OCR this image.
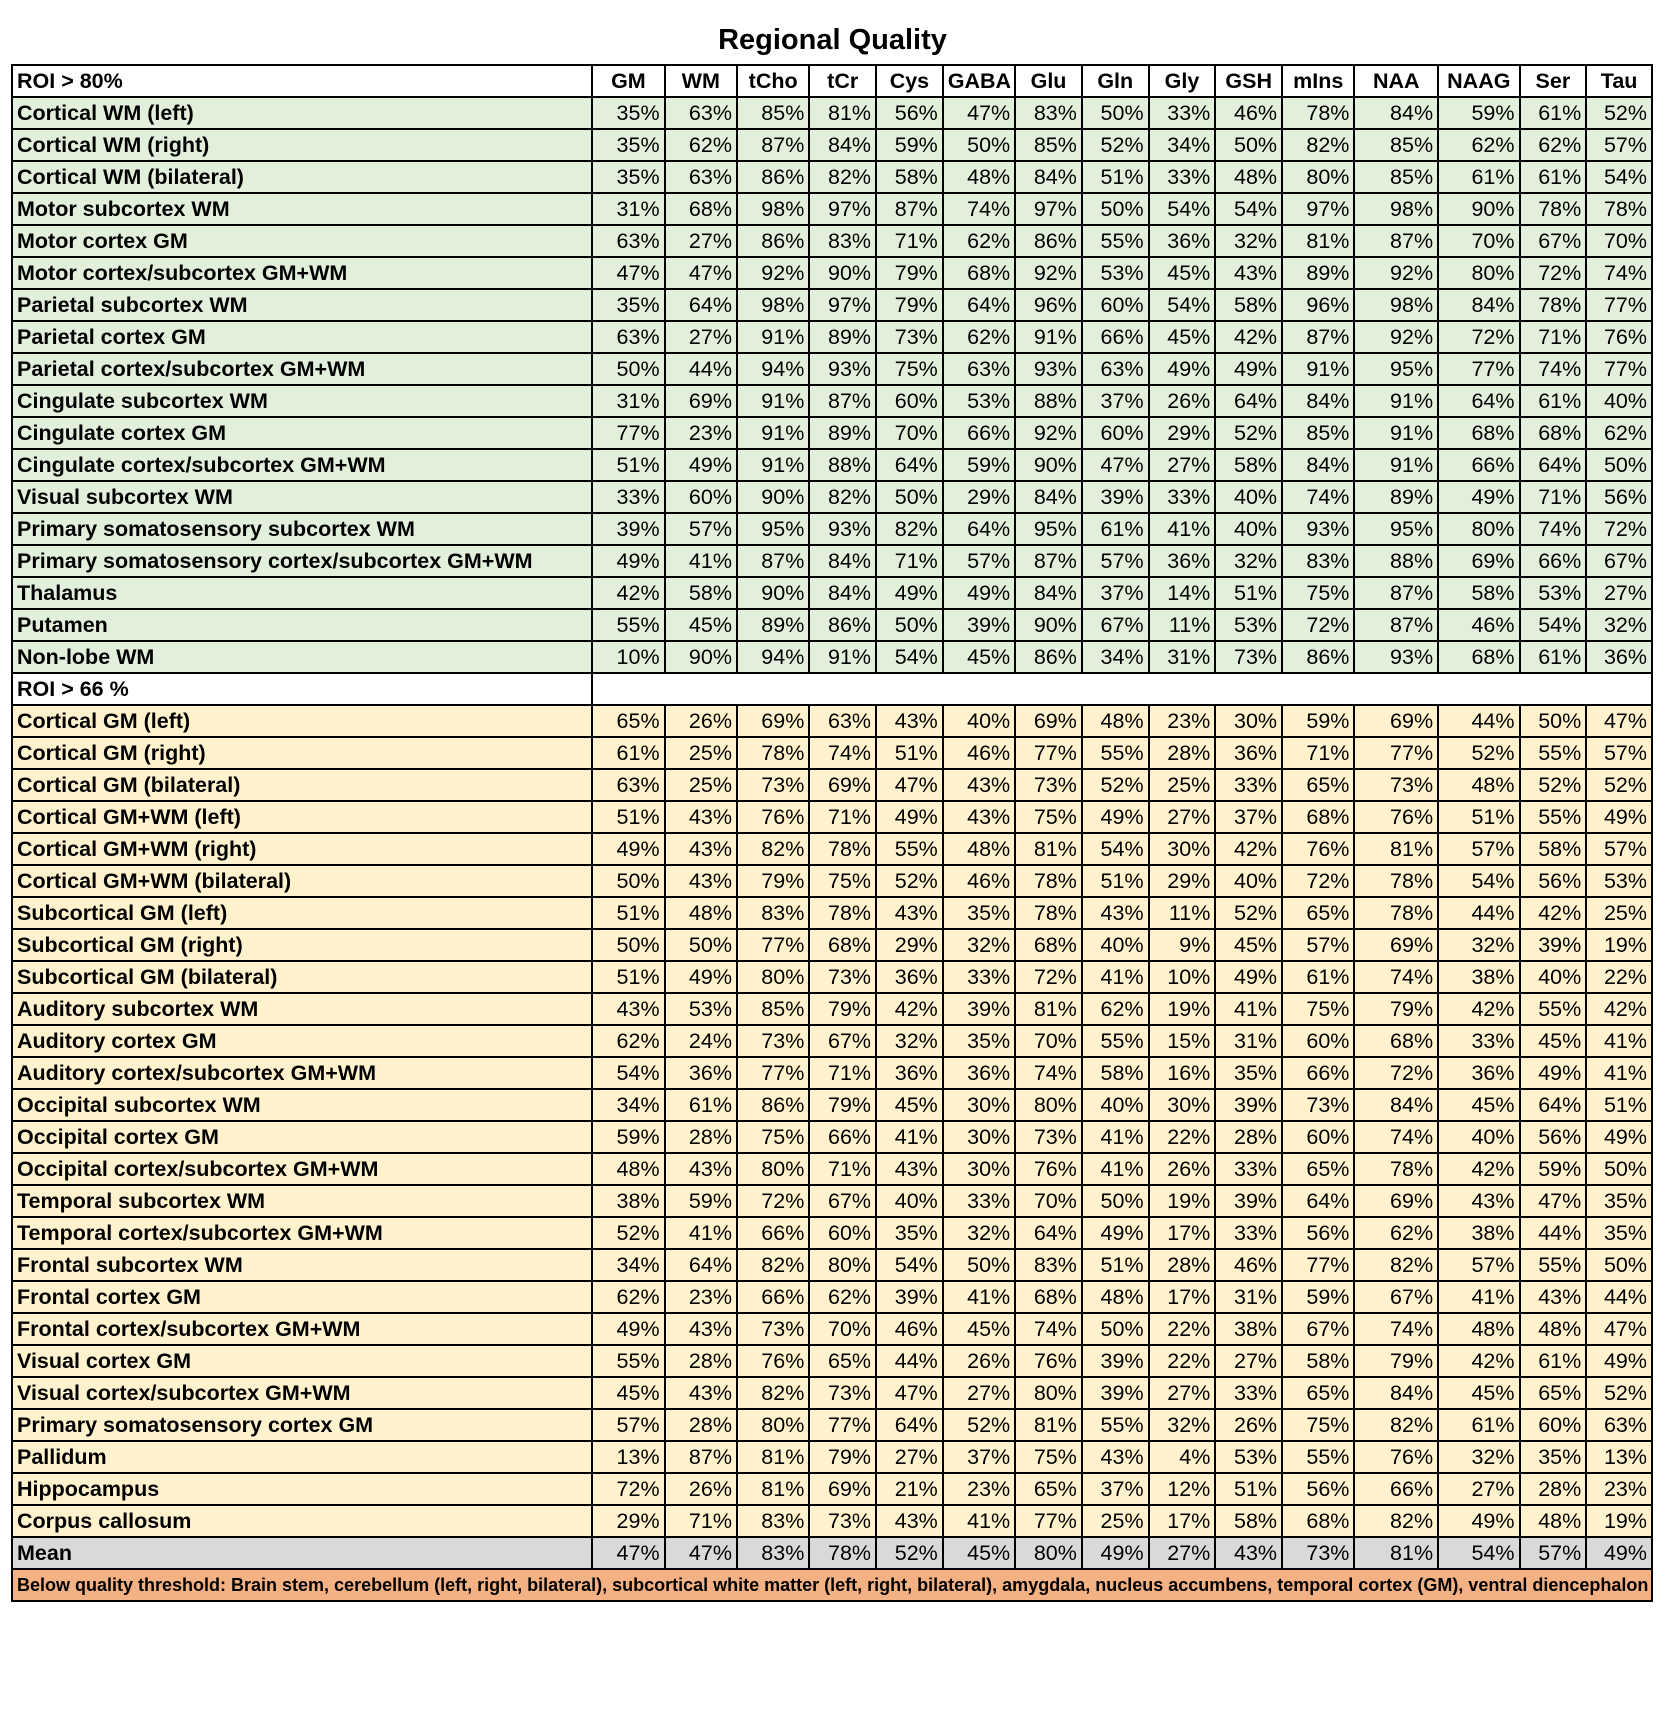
Regional Quality
ROI > 80%	GM	WM	tCho	tCr	Cys	GABA	Glu	Gln	Gly	GSH	mIns	NAA	NAAG	Ser	Tau
Cortical WM (left)	35%	63%	85%	81%	56%	47%	83%	50%	33%	46%	78%	84%	59%	61%	52%
Cortical WM (right)	35%	62%	87%	84%	59%	50%	85%	52%	34%	50%	82%	85%	62%	62%	57%
Cortical WM (bilateral)	35%	63%	86%	82%	58%	48%	84%	51%	33%	48%	80%	85%	61%	61%	54%
Motor subcortex WM	31%	68%	98%	97%	87%	74%	97%	50%	54%	54%	97%	98%	90%	78%	78%
Motor cortex GM	63%	27%	86%	83%	71%	62%	86%	55%	36%	32%	81%	87%	70%	67%	70%
Motor cortex/subcortex GM+WM	47%	47%	92%	90%	79%	68%	92%	53%	45%	43%	89%	92%	80%	72%	74%
Parietal subcortex WM	35%	64%	98%	97%	79%	64%	96%	60%	54%	58%	96%	98%	84%	78%	77%
Parietal cortex GM	63%	27%	91%	89%	73%	62%	91%	66%	45%	42%	87%	92%	72%	71%	76%
Parietal cortex/subcortex GM+WM	50%	44%	94%	93%	75%	63%	93%	63%	49%	49%	91%	95%	77%	74%	77%
Cingulate subcortex WM	31%	69%	91%	87%	60%	53%	88%	37%	26%	64%	84%	91%	64%	61%	40%
Cingulate cortex GM	77%	23%	91%	89%	70%	66%	92%	60%	29%	52%	85%	91%	68%	68%	62%
Cingulate cortex/subcortex GM+WM	51%	49%	91%	88%	64%	59%	90%	47%	27%	58%	84%	91%	66%	64%	50%
Visual subcortex WM	33%	60%	90%	82%	50%	29%	84%	39%	33%	40%	74%	89%	49%	71%	56%
Primary somatosensory subcortex WM	39%	57%	95%	93%	82%	64%	95%	61%	41%	40%	93%	95%	80%	74%	72%
Primary somatosensory cortex/subcortex GM+WM	49%	41%	87%	84%	71%	57%	87%	57%	36%	32%	83%	88%	69%	66%	67%
Thalamus	42%	58%	90%	84%	49%	49%	84%	37%	14%	51%	75%	87%	58%	53%	27%
Putamen	55%	45%	89%	86%	50%	39%	90%	67%	11%	53%	72%	87%	46%	54%	32%
Non-lobe WM	10%	90%	94%	91%	54%	45%	86%	34%	31%	73%	86%	93%	68%	61%	36%
ROI > 66 %															
Cortical GM (left)	65%	26%	69%	63%	43%	40%	69%	48%	23%	30%	59%	69%	44%	50%	47%
Cortical GM (right)	61%	25%	78%	74%	51%	46%	77%	55%	28%	36%	71%	77%	52%	55%	57%
Cortical GM (bilateral)	63%	25%	73%	69%	47%	43%	73%	52%	25%	33%	65%	73%	48%	52%	52%
Cortical GM+WM (left)	51%	43%	76%	71%	49%	43%	75%	49%	27%	37%	68%	76%	51%	55%	49%
Cortical GM+WM (right)	49%	43%	82%	78%	55%	48%	81%	54%	30%	42%	76%	81%	57%	58%	57%
Cortical GM+WM (bilateral)	50%	43%	79%	75%	52%	46%	78%	51%	29%	40%	72%	78%	54%	56%	53%
Subcortical GM (left)	51%	48%	83%	78%	43%	35%	78%	43%	11%	52%	65%	78%	44%	42%	25%
Subcortical GM (right)	50%	50%	77%	68%	29%	32%	68%	40%	9%	45%	57%	69%	32%	39%	19%
Subcortical GM (bilateral)	51%	49%	80%	73%	36%	33%	72%	41%	10%	49%	61%	74%	38%	40%	22%
Auditory subcortex WM	43%	53%	85%	79%	42%	39%	81%	62%	19%	41%	75%	79%	42%	55%	42%
Auditory cortex GM	62%	24%	73%	67%	32%	35%	70%	55%	15%	31%	60%	68%	33%	45%	41%
Auditory cortex/subcortex GM+WM	54%	36%	77%	71%	36%	36%	74%	58%	16%	35%	66%	72%	36%	49%	41%
Occipital subcortex WM	34%	61%	86%	79%	45%	30%	80%	40%	30%	39%	73%	84%	45%	64%	51%
Occipital cortex GM	59%	28%	75%	66%	41%	30%	73%	41%	22%	28%	60%	74%	40%	56%	49%
Occipital cortex/subcortex GM+WM	48%	43%	80%	71%	43%	30%	76%	41%	26%	33%	65%	78%	42%	59%	50%
Temporal subcortex WM	38%	59%	72%	67%	40%	33%	70%	50%	19%	39%	64%	69%	43%	47%	35%
Temporal cortex/subcortex GM+WM	52%	41%	66%	60%	35%	32%	64%	49%	17%	33%	56%	62%	38%	44%	35%
Frontal subcortex WM	34%	64%	82%	80%	54%	50%	83%	51%	28%	46%	77%	82%	57%	55%	50%
Frontal cortex GM	62%	23%	66%	62%	39%	41%	68%	48%	17%	31%	59%	67%	41%	43%	44%
Frontal cortex/subcortex GM+WM	49%	43%	73%	70%	46%	45%	74%	50%	22%	38%	67%	74%	48%	48%	47%
Visual cortex GM	55%	28%	76%	65%	44%	26%	76%	39%	22%	27%	58%	79%	42%	61%	49%
Visual cortex/subcortex GM+WM	45%	43%	82%	73%	47%	27%	80%	39%	27%	33%	65%	84%	45%	65%	52%
Primary somatosensory cortex GM	57%	28%	80%	77%	64%	52%	81%	55%	32%	26%	75%	82%	61%	60%	63%
Pallidum	13%	87%	81%	79%	27%	37%	75%	43%	4%	53%	55%	76%	32%	35%	13%
Hippocampus	72%	26%	81%	69%	21%	23%	65%	37%	12%	51%	56%	66%	27%	28%	23%
Corpus callosum	29%	71%	83%	73%	43%	41%	77%	25%	17%	58%	68%	82%	49%	48%	19%
Mean	47%	47%	83%	78%	52%	45%	80%	49%	27%	43%	73%	81%	54%	57%	49%
Below quality threshold: Brain stem, cerebellum (left, right, bilateral), subcortical white matter (left, right, bilateral), amygdala, nucleus accumbens, temporal cortex (GM), ventral diencephalon															
